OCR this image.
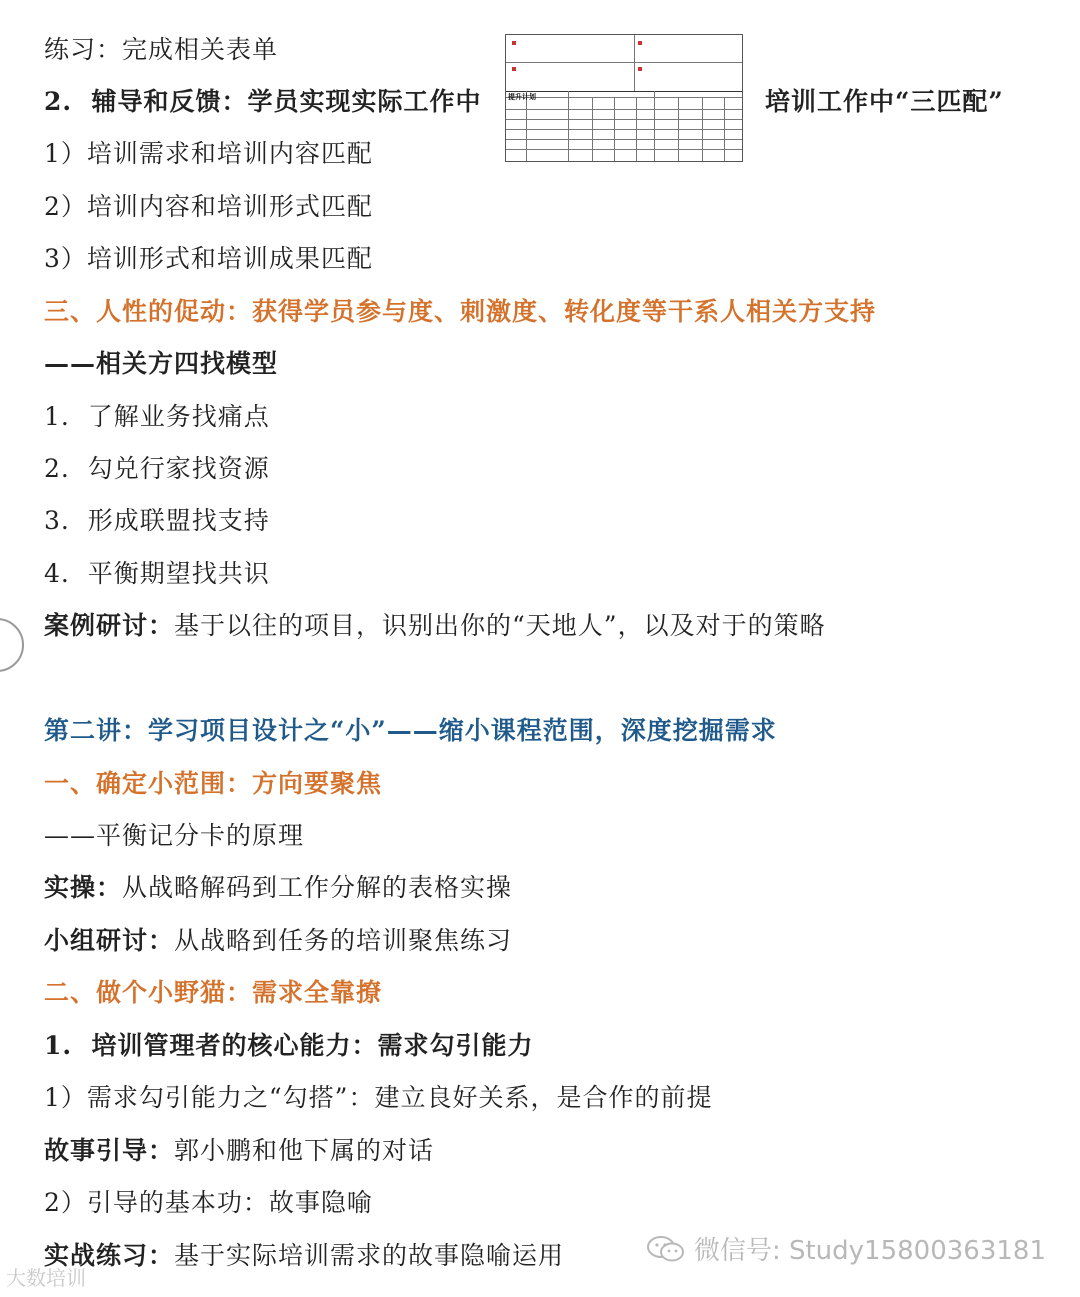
练习：完成相关表单
2.  辅导和反馈：学员实现实际工作中
1）培训需求和培训内容匹配
2）培训内容和培训形式匹配
3）培训形式和培训成果匹配
三、人性的促动：获得学员参与度、刺激度、转化度等干系人相关方支持
——相关方四找模型
1.  了解业务找痛点
2.  勾兑行家找资源
3.  形成联盟找支持
4.  平衡期望找共识
案例研讨：基于以往的项目，识别出你的“天地人”，以及对于的策略
第二讲：学习项目设计之“小”——缩小课程范围，深度挖掘需求
一、确定小范围：方向要聚焦
——平衡记分卡的原理
实操：从战略解码到工作分解的表格实操
小组研讨：从战略到任务的培训聚焦练习
二、做个小野猫：需求全靠撩
1.  培训管理者的核心能力：需求勾引能力
1）需求勾引能力之“勾搭”：建立良好关系，是合作的前提
故事引导：郭小鹏和他下属的对话
2）引导的基本功：故事隐喻
实战练习：基于实际培训需求的故事隐喻运用
提升计划	培训工作中“三匹配”
微信号: Study15800363181
大数培训
